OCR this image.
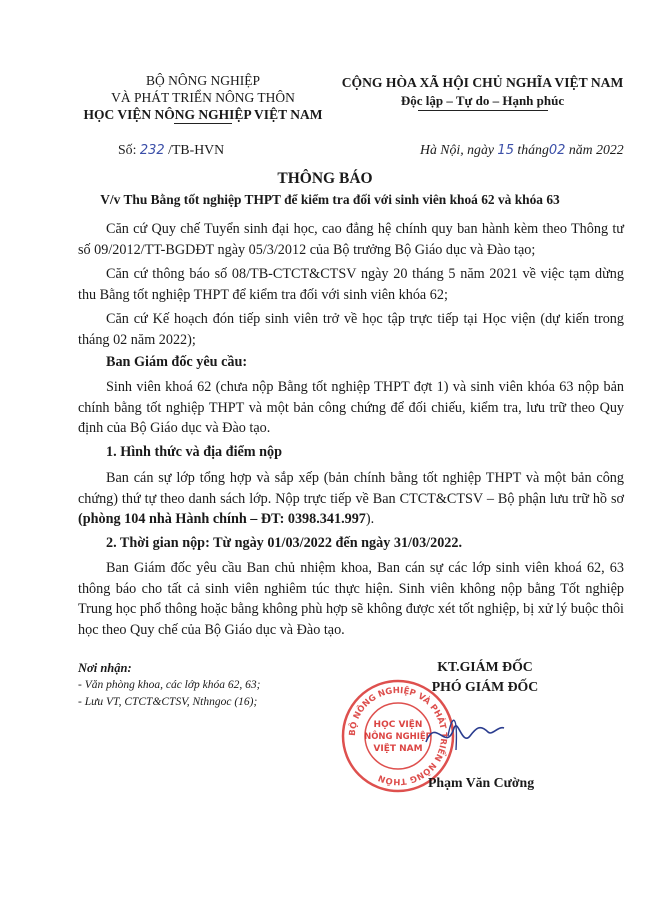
BỘ NÔNG NGHIỆP
VÀ PHÁT TRIỂN NÔNG THÔN
HỌC VIỆN NÔNG NGHIỆP VIỆT NAM
CỘNG HÒA XÃ HỘI CHỦ NGHĨA VIỆT NAM
Độc lập – Tự do – Hạnh phúc
Số: 232 /TB-HVN	Hà Nội, ngày 15 tháng02 năm 2022
THÔNG BÁO
V/v Thu Bằng tốt nghiệp THPT để kiểm tra đối với sinh viên khoá 62 và khóa 63
Căn cứ Quy chế Tuyển sinh đại học, cao đẳng hệ chính quy ban hành kèm theo Thông tư số 09/2012/TT-BGDĐT ngày 05/3/2012 của Bộ trưởng Bộ Giáo dục và Đào tạo;
Căn cứ thông báo số 08/TB-CTCT&CTSV ngày 20 tháng 5 năm 2021 về việc tạm dừng thu Bằng tốt nghiệp THPT để kiểm tra đối với sinh viên khóa 62;
Căn cứ Kế hoạch đón tiếp sinh viên trở về học tập trực tiếp tại Học viện (dự kiến trong tháng 02 năm 2022);
Ban Giám đốc yêu cầu:
Sinh viên khoá 62 (chưa nộp Bằng tốt nghiệp THPT đợt 1) và sinh viên khóa 63 nộp bản chính bằng tốt nghiệp THPT và một bản công chứng để đối chiếu, kiểm tra, lưu trữ theo Quy định của Bộ Giáo dục và Đào tạo.
1. Hình thức và địa điểm nộp
Ban cán sự lớp tổng hợp và sắp xếp (bản chính bằng tốt nghiệp THPT và một bản công chứng) thứ tự theo danh sách lớp. Nộp trực tiếp về Ban CTCT&CTSV – Bộ phận lưu trữ hồ sơ (phòng 104 nhà Hành chính – ĐT: 0398.341.997).
2. Thời gian nộp: Từ ngày 01/03/2022 đến ngày 31/03/2022.
Ban Giám đốc yêu cầu Ban chủ nhiệm khoa, Ban cán sự các lớp sinh viên khoá 62, 63 thông báo cho tất cả sinh viên nghiêm túc thực hiện. Sinh viên không nộp bằng Tốt nghiệp Trung học phổ thông hoặc bằng không phù hợp sẽ không được xét tốt nghiệp, bị xử lý buộc thôi học theo Quy chế của Bộ Giáo dục và Đào tạo.
Nơi nhận:
- Văn phòng khoa, các lớp khóa 62, 63;
- Lưu VT, CTCT&CTSV, Nthngoc (16);
BỘ NÔNG NGHIỆP VÀ PHÁT TRIỂN NÔNG THÔN
HỌC VIỆN
NÔNG NGHIỆP
VIỆT NAM
KT.GIÁM ĐỐC
PHÓ GIÁM ĐỐC
Phạm Văn Cường
